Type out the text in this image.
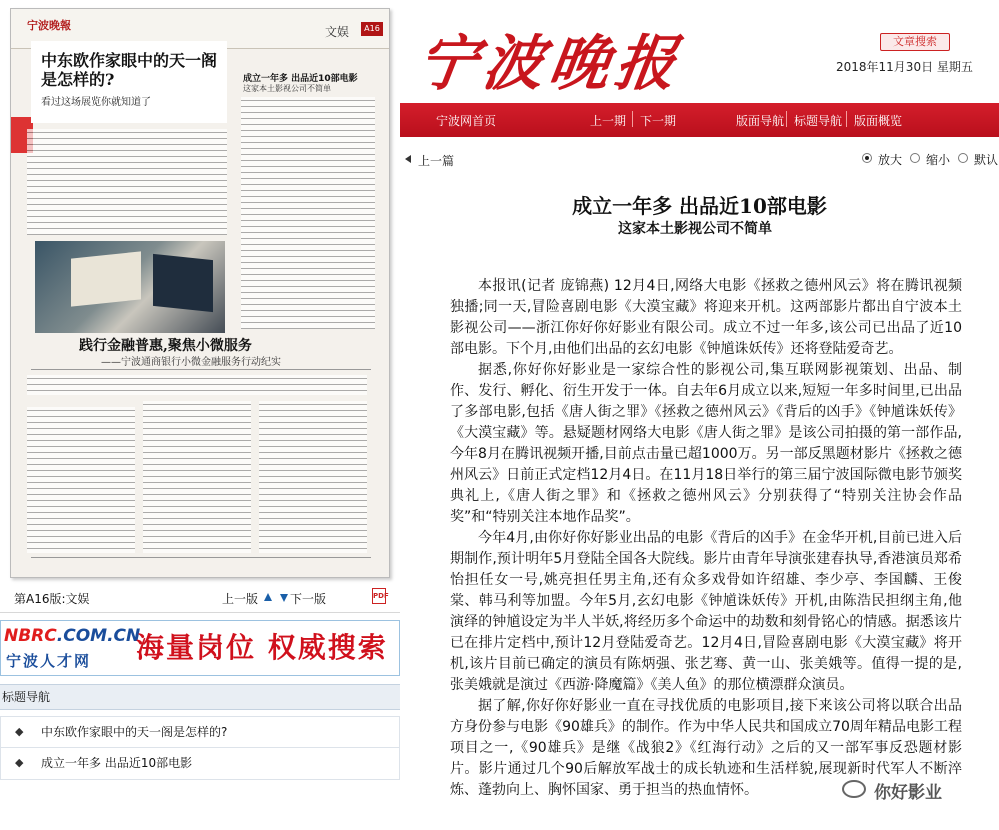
宁波晚報	文娱	A16
中东欧作家眼中的天一阁是怎样的?
看过这场展览你就知道了
成立一年多 出品近10部电影
这家本土影视公司不简单
践行金融普惠,聚焦小微服务
——宁波通商银行小微金融服务行动纪实
第A16版:文娱	上一版	下一版	PDF
NBRC.COM.CN
宁波人才网 海量岗位 权威搜索
标题导航
◆ 中东欧作家眼中的天一阁是怎样的?
◆ 成立一年多 出品近10部电影
宁波晚报	文章搜索
2018年11月30日 星期五
宁波网首页	上一期 下一期	版面导航 标题导航 版面概览
上一篇	放大 缩小 默认
成立一年多 出品近10部电影
这家本土影视公司不简单

本报讯(记者 庞锦燕) 12月4日,网络大电影《拯救之德州风云》将在腾讯视频独播;同一天,冒险喜剧电影《大漠宝藏》将迎来开机。这两部影片都出自宁波本土影视公司——浙江你好你好影业有限公司。成立不过一年多,该公司已出品了近10部电影。下个月,由他们出品的玄幻电影《钟馗诛妖传》还将登陆爱奇艺。

据悉,你好你好影业是一家综合性的影视公司,集互联网影视策划、出品、制作、发行、孵化、衍生开发于一体。自去年6月成立以来,短短一年多时间里,已出品了多部电影,包括《唐人街之罪》《拯救之德州风云》《背后的凶手》《钟馗诛妖传》《大漠宝藏》等。悬疑题材网络大电影《唐人街之罪》是该公司拍摄的第一部作品,今年8月在腾讯视频开播,目前点击量已超1000万。另一部反黑题材影片《拯救之德州风云》日前正式定档12月4日。在11月18日举行的第三届宁波国际微电影节颁奖典礼上,《唐人街之罪》和《拯救之德州风云》分别获得了“特别关注协会作品奖”和“特别关注本地作品奖”。

今年4月,由你好你好影业出品的电影《背后的凶手》在金华开机,目前已进入后期制作,预计明年5月登陆全国各大院线。影片由青年导演张建春执导,香港演员郑希怡担任女一号,姚亮担任男主角,还有众多戏骨如许绍雄、李少亭、李国麟、王俊棠、韩马利等加盟。今年5月,玄幻电影《钟馗诛妖传》开机,由陈浩民担纲主角,他演绎的钟馗设定为半人半妖,将经历多个命运中的劫数和刻骨铭心的情感。据悉该片已在排片定档中,预计12月登陆爱奇艺。12月4日,冒险喜剧电影《大漠宝藏》将开机,该片目前已确定的演员有陈炳强、张艺骞、黄一山、张美娥等。值得一提的是,张美娥就是演过《西游·降魔篇》《美人鱼》的那位横漂群众演员。

据了解,你好你好影业一直在寻找优质的电影项目,接下来该公司将以联合出品方身份参与电影《90雄兵》的制作。作为中华人民共和国成立70周年精品电影工程项目之一,《90雄兵》是继《战狼2》《红海行动》之后的又一部军事反恐题材影片。影片通过几个90后解放军战士的成长轨迹和生活样貌,展现新时代军人不断淬炼、蓬勃向上、胸怀国家、勇于担当的热血情怀。	你好影业
